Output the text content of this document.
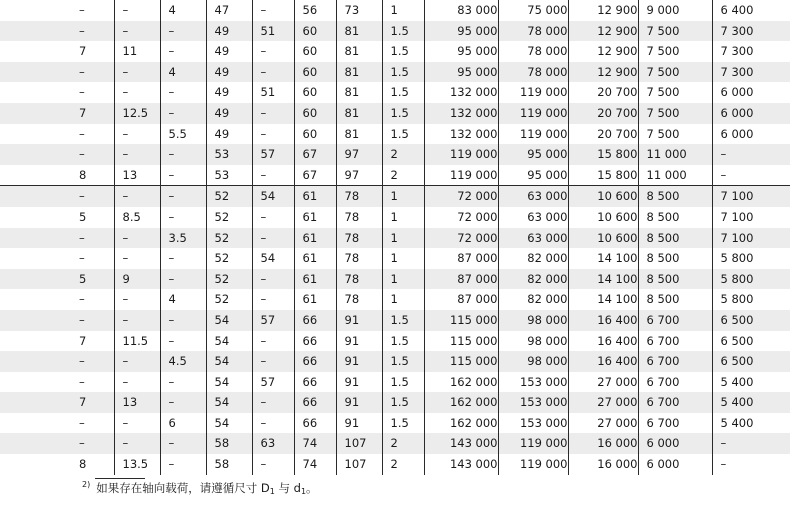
–	–	4	47	–	56	73	1	83 000	75 000	12 900	9 000	6 400
–	–	–	49	51	60	81	1.5	95 000	78 000	12 900	7 500	7 300
7	11	–	49	–	60	81	1.5	95 000	78 000	12 900	7 500	7 300
–	–	4	49	–	60	81	1.5	95 000	78 000	12 900	7 500	7 300
–	–	–	49	51	60	81	1.5	132 000	119 000	20 700	7 500	6 000
7	12.5	–	49	–	60	81	1.5	132 000	119 000	20 700	7 500	6 000
–	–	5.5	49	–	60	81	1.5	132 000	119 000	20 700	7 500	6 000
–	–	–	53	57	67	97	2	119 000	95 000	15 800	11 000	–
8	13	–	53	–	67	97	2	119 000	95 000	15 800	11 000	–
–	–	–	52	54	61	78	1	72 000	63 000	10 600	8 500	7 100
5	8.5	–	52	–	61	78	1	72 000	63 000	10 600	8 500	7 100
–	–	3.5	52	–	61	78	1	72 000	63 000	10 600	8 500	7 100
–	–	–	52	54	61	78	1	87 000	82 000	14 100	8 500	5 800
5	9	–	52	–	61	78	1	87 000	82 000	14 100	8 500	5 800
–	–	4	52	–	61	78	1	87 000	82 000	14 100	8 500	5 800
–	–	–	54	57	66	91	1.5	115 000	98 000	16 400	6 700	6 500
7	11.5	–	54	–	66	91	1.5	115 000	98 000	16 400	6 700	6 500
–	–	4.5	54	–	66	91	1.5	115 000	98 000	16 400	6 700	6 500
–	–	–	54	57	66	91	1.5	162 000	153 000	27 000	6 700	5 400
7	13	–	54	–	66	91	1.5	162 000	153 000	27 000	6 700	5 400
–	–	6	54	–	66	91	1.5	162 000	153 000	27 000	6 700	5 400
–	–	–	58	63	74	107	2	143 000	119 000	16 000	6 000	–
8	13.5	–	58	–	74	107	2	143 000	119 000	16 000	6 000	–
$^{2)}$ 如果存在轴向载荷，请遵循尺寸 $D_1$ 与 $d_1$。
